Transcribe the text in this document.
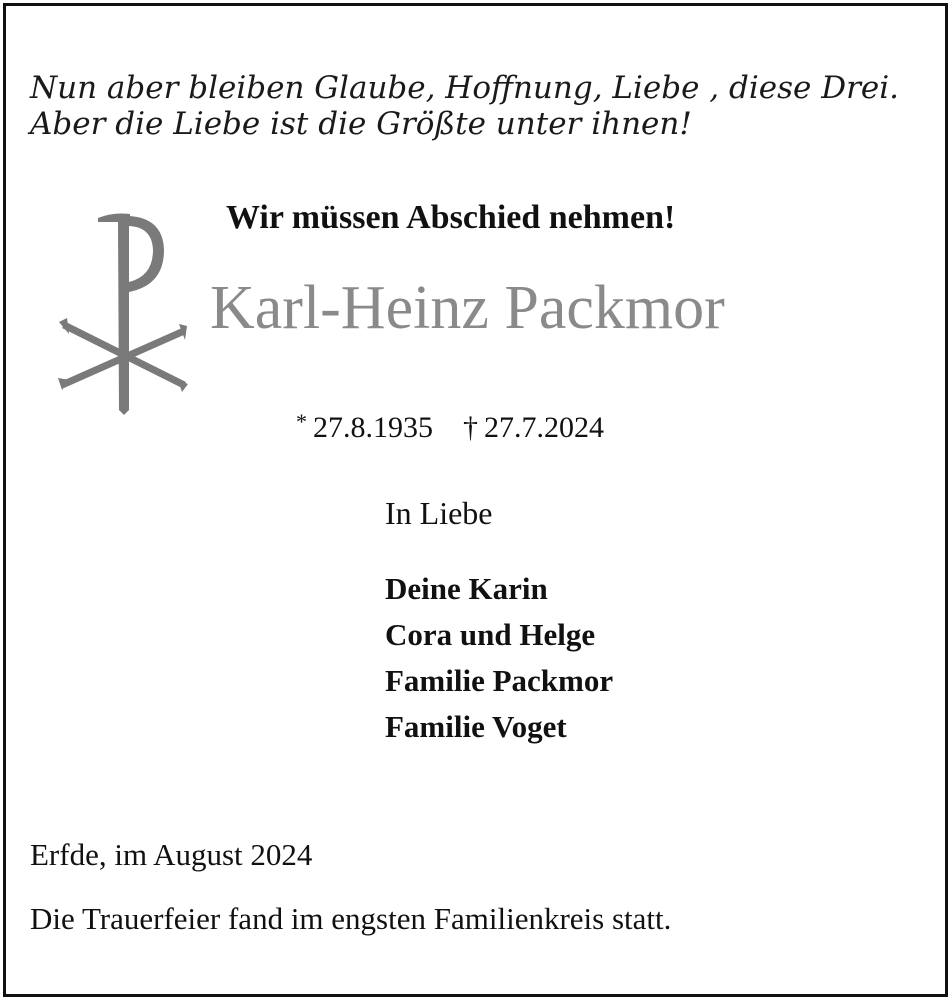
Nun aber bleiben Glaube, Hoffnung, Liebe , diese Drei.
Aber die Liebe ist die Größte unter ihnen!
Wir müssen Abschied nehmen!
Karl-Heinz Packmor
* 27.8.1935 † 27.7.2024
In Liebe
Deine Karin
Cora und Helge
Familie Packmor
Familie Voget
Erfde, im August 2024
Die Trauerfeier fand im engsten Familienkreis statt.
